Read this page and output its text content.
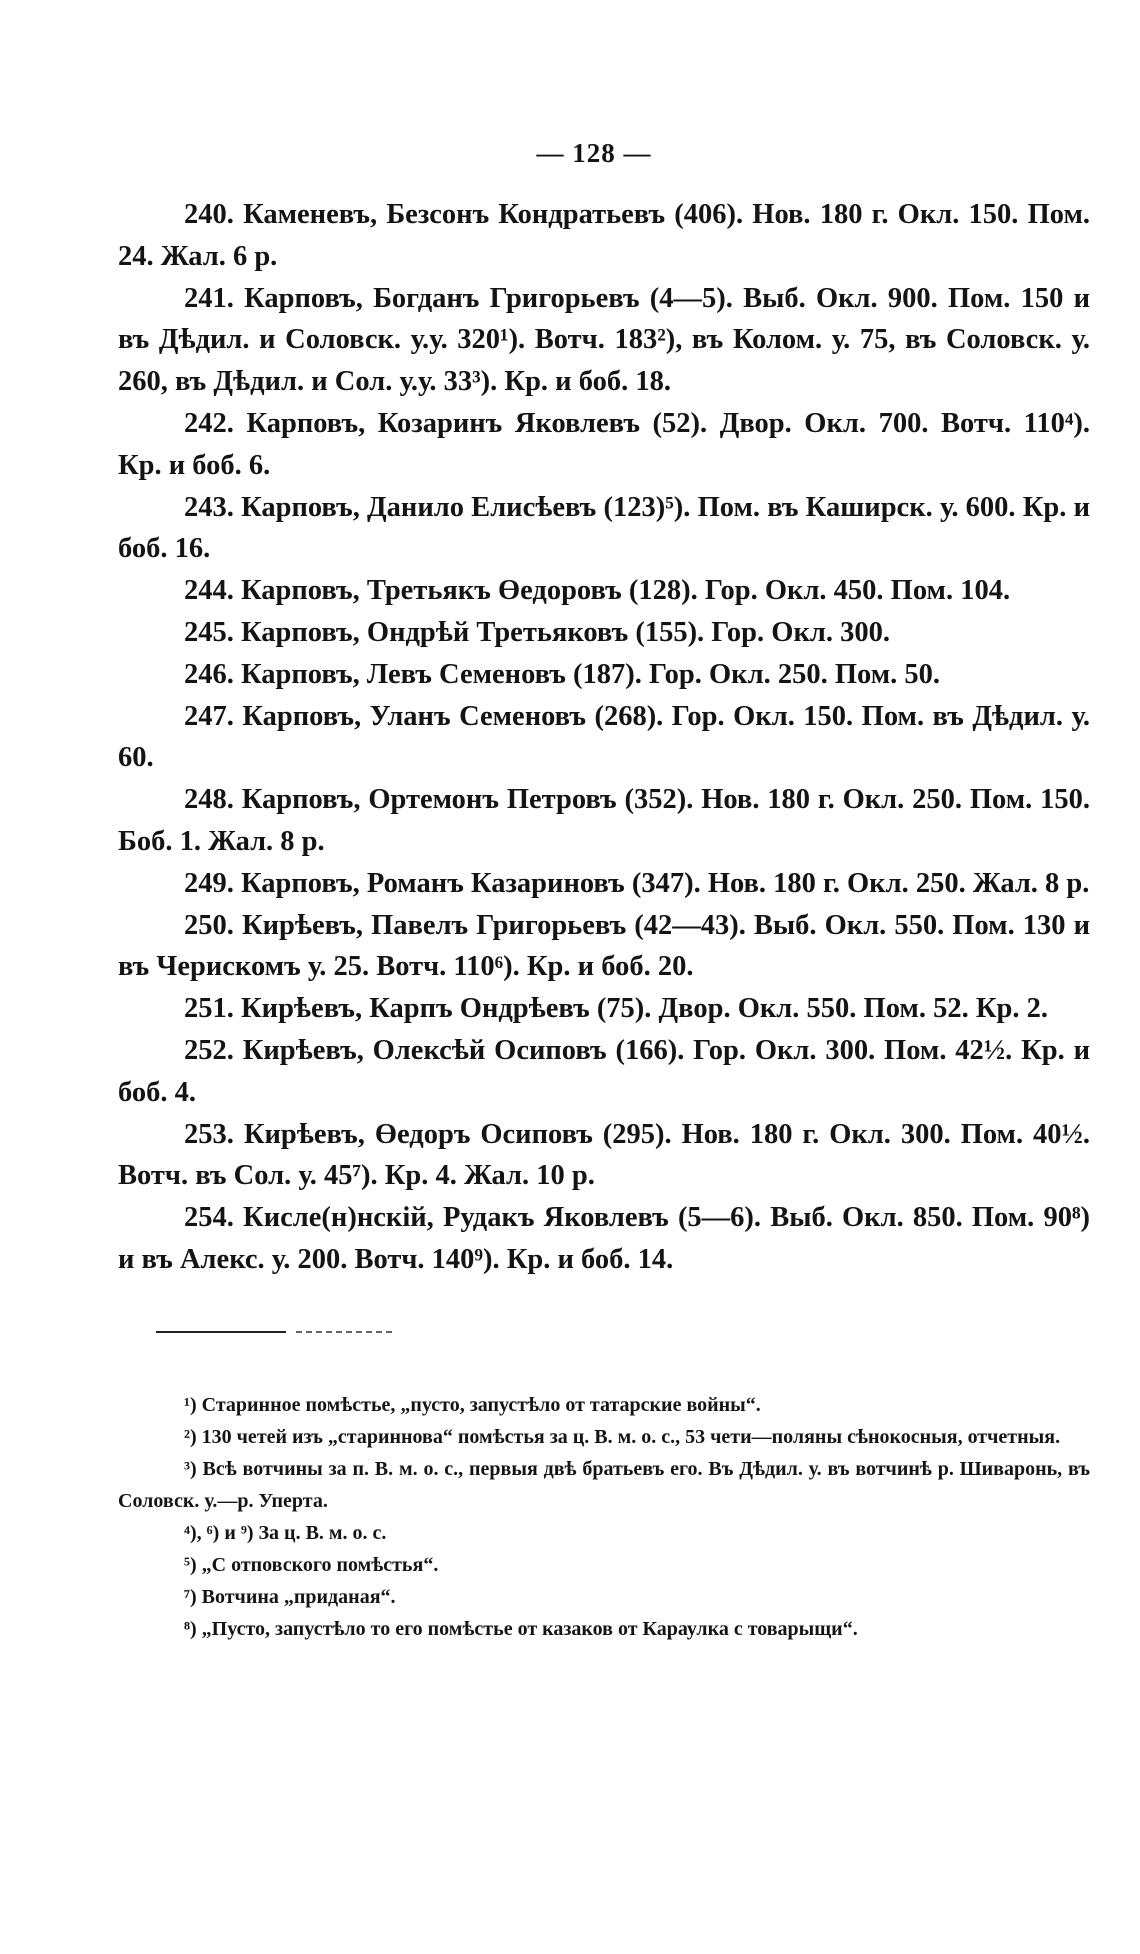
— 128 —

240. Каменевъ, Безсонъ Кондратьевъ (406). Нов. 180 г. Окл. 150. Пом. 24. Жал. 6 р.

241. Карповъ, Богданъ Григорьевъ (4—5). Выб. Окл. 900. Пом. 150 и въ Дѣдил. и Соловск. у.у. 320¹). Вотч. 183²), въ Колом. у. 75, въ Соловск. у. 260, въ Дѣдил. и Сол. у.у. 33³). Кр. и боб. 18.

242. Карповъ, Козаринъ Яковлевъ (52). Двор. Окл. 700. Вотч. 110⁴). Кр. и боб. 6.

243. Карповъ, Данило Елисѣевъ (123)⁵). Пом. въ Каширск. у. 600. Кр. и боб. 16.

244. Карповъ, Третьякъ Өедоровъ (128). Гор. Окл. 450. Пом. 104.

245. Карповъ, Ондрѣй Третьяковъ (155). Гор. Окл. 300.

246. Карповъ, Левъ Семеновъ (187). Гор. Окл. 250. Пом. 50.

247. Карповъ, Уланъ Семеновъ (268). Гор. Окл. 150. Пом. въ Дѣдил. у. 60.

248. Карповъ, Ортемонъ Петровъ (352). Нов. 180 г. Окл. 250. Пом. 150. Боб. 1. Жал. 8 р.

249. Карповъ, Романъ Казариновъ (347). Нов. 180 г. Окл. 250. Жал. 8 р.

250. Кирѣевъ, Павелъ Григорьевъ (42—43). Выб. Окл. 550. Пом. 130 и въ Черискомъ у. 25. Вотч. 110⁶). Кр. и боб. 20.

251. Кирѣевъ, Карпъ Ондрѣевъ (75). Двор. Окл. 550. Пом. 52. Кр. 2.

252. Кирѣевъ, Олексѣй Осиповъ (166). Гор. Окл. 300. Пом. 42½. Кр. и боб. 4.

253. Кирѣевъ, Өедоръ Осиповъ (295). Нов. 180 г. Окл. 300. Пом. 40½. Вотч. въ Сол. у. 45⁷). Кр. 4. Жал. 10 р.

254. Кисле(н)нскій, Рудакъ Яковлевъ (5—6). Выб. Окл. 850. Пом. 90⁸) и въ Алекс. у. 200. Вотч. 140⁹). Кр. и боб. 14.

¹) Старинное помѣстье, „пусто, запустѣло от татарские войны“.

²) 130 четей изъ „стариннова“ помѣстья за ц. В. м. о. с., 53 чети—поляны сѣнокосныя, отчетныя.

³) Всѣ вотчины за п. В. м. о. с., первыя двѣ братьевъ его. Въ Дѣдил. у. въ вотчинѣ р. Шиваронь, въ Соловск. у.—р. Уперта.

⁴), ⁶) и ⁹) За ц. В. м. о. с.

⁵) „С отповского помѣстья“.

⁷) Вотчина „приданая“.

⁸) „Пусто, запустѣло то его помѣстье от казаков от Караулка с товарыщи“.
